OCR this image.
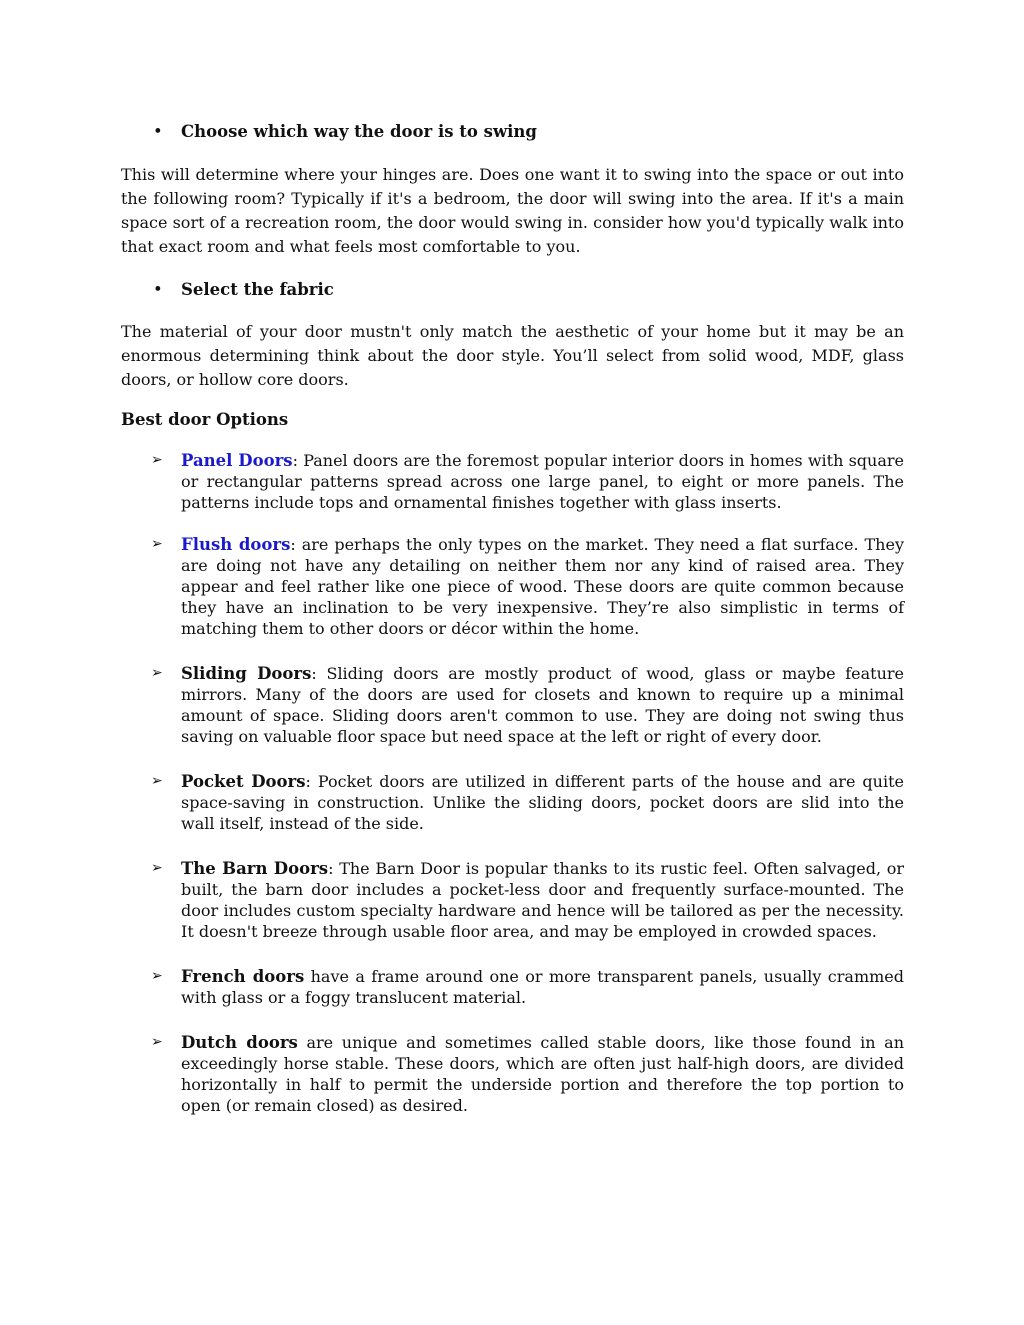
• Choose which way the door is to swing

This will determine where your hinges are. Does one want it to swing into the space or out into the following room? Typically if it's a bedroom, the door will swing into the area. If it's a main space sort of a recreation room, the door would swing in. consider how you'd typically walk into that exact room and what feels most comfortable to you.

• Select the fabric

The material of your door mustn't only match the aesthetic of your home but it may be an enormous determining think about the door style. You’ll select from solid wood, MDF, glass doors, or hollow core doors.

Best door Options
➢ Panel Doors: Panel doors are the foremost popular interior doors in homes with square or rectangular patterns spread across one large panel, to eight or more panels. The patterns include tops and ornamental finishes together with glass inserts.
➢ Flush doors: are perhaps the only types on the market. They need a flat surface. They are doing not have any detailing on neither them nor any kind of raised area. They appear and feel rather like one piece of wood. These doors are quite common because they have an inclination to be very inexpensive. They’re also simplistic in terms of matching them to other doors or décor within the home.
➢ Sliding Doors: Sliding doors are mostly product of wood, glass or maybe feature mirrors. Many of the doors are used for closets and known to require up a minimal amount of space. Sliding doors aren't common to use. They are doing not swing thus saving on valuable floor space but need space at the left or right of every door.
➢ Pocket Doors: Pocket doors are utilized in different parts of the house and are quite space-saving in construction. Unlike the sliding doors, pocket doors are slid into the wall itself, instead of the side.
➢ The Barn Doors: The Barn Door is popular thanks to its rustic feel. Often salvaged, or built, the barn door includes a pocket-less door and frequently surface-mounted. The door includes custom specialty hardware and hence will be tailored as per the necessity. It doesn't breeze through usable floor area, and may be employed in crowded spaces.
➢ French doors have a frame around one or more transparent panels, usually crammed with glass or a foggy translucent material.
➢ Dutch doors are unique and sometimes called stable doors, like those found in an exceedingly horse stable. These doors, which are often just half-high doors, are divided horizontally in half to permit the underside portion and therefore the top portion to open (or remain closed) as desired.
